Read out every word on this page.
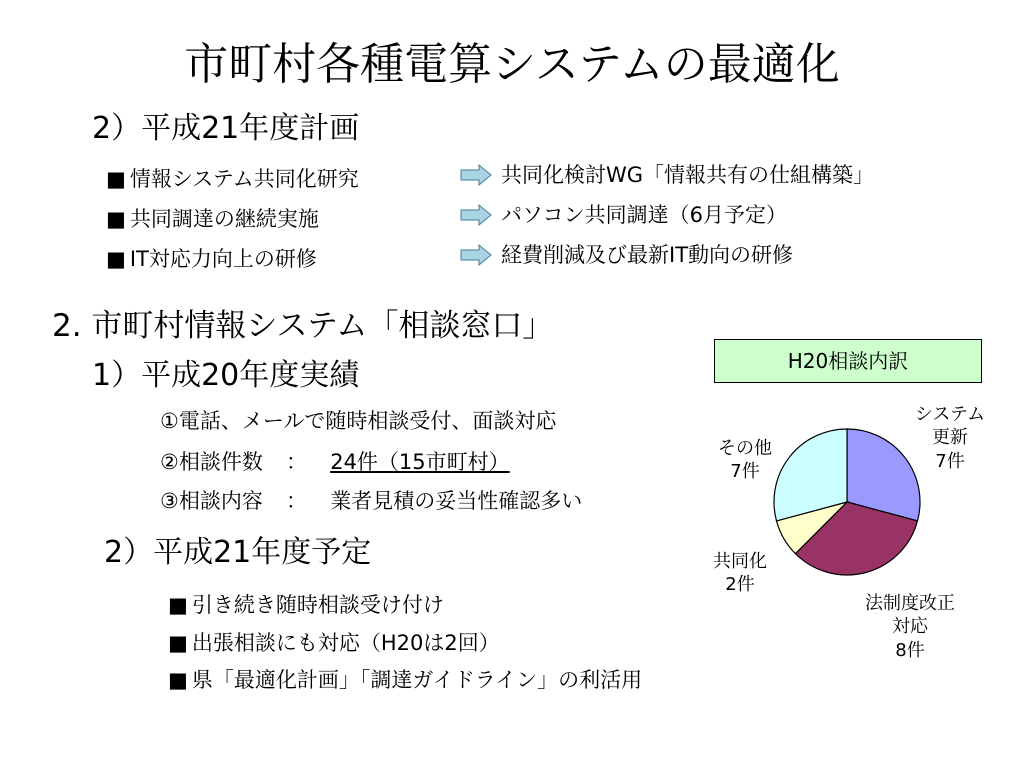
市町村各種電算システムの最適化
2）平成21年度計画
■ 情報システム共同化研究
■ 共同調達の継続実施
■ IT対応力向上の研修
共同化検討WG「情報共有の仕組構築」
パソコン共同調達（6月予定）
経費削減及び最新IT動向の研修
2. 市町村情報システム「相談窓口」
1）平成20年度実績
①電話、メールで随時相談受付、面談対応
②相談件数 ： 24件（15市町村）
③相談内容 ： 業者見積の妥当性確認多い
2）平成21年度予定
■ 引き続き随時相談受け付け
■ 出張相談にも対応（H20は2回）
■ 県「最適化計画」「調達ガイドライン」の利活用
H20相談内訳
システム
更新
7件
法制度改正
対応
8件
共同化
2件
その他
7件
